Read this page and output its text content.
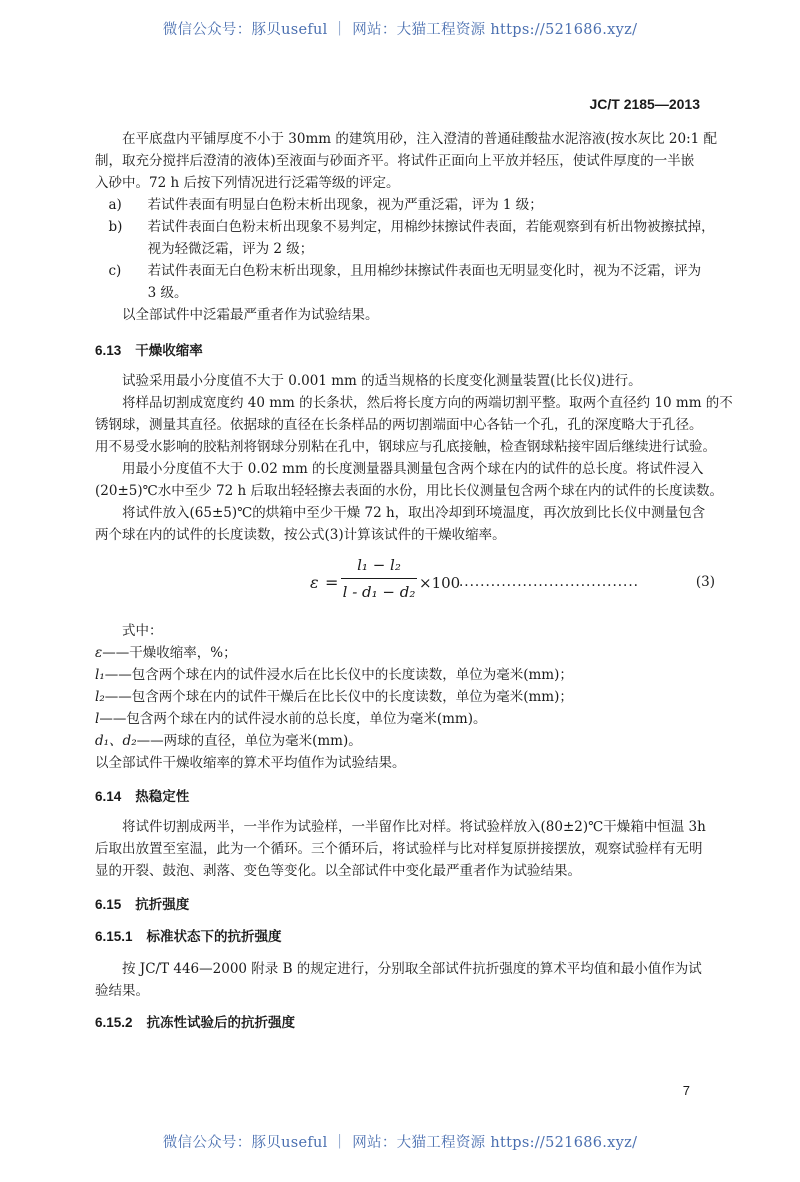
微信公众号：豚贝useful ｜ 网站：大猫工程资源 https://521686.xyz/
JC/T 2185—2013
在平底盘内平铺厚度不小于 30mm 的建筑用砂，注入澄清的普通硅酸盐水泥溶液(按水灰比 20:1 配
制，取充分搅拌后澄清的液体)至液面与砂面齐平。将试件正面向上平放并轻压，使试件厚度的一半嵌
入砂中。72 h 后按下列情况进行泛霜等级的评定。
a) 若试件表面有明显白色粉末析出现象，视为严重泛霜，评为 1 级；
b) 若试件表面白色粉末析出现象不易判定，用棉纱抹擦试件表面，若能观察到有析出物被擦拭掉，
视为轻微泛霜，评为 2 级；
c) 若试件表面无白色粉末析出现象，且用棉纱抹擦试件表面也无明显变化时，视为不泛霜，评为
3 级。
以全部试件中泛霜最严重者作为试验结果。
6.13 干燥收缩率
试验采用最小分度值不大于 0.001 mm 的适当规格的长度变化测量装置(比长仪)进行。
将样品切割成宽度约 40 mm 的长条状，然后将长度方向的两端切割平整。取两个直径约 10 mm 的不
锈钢球，测量其直径。依据球的直径在长条样品的两切割端面中心各钻一个孔，孔的深度略大于孔径。
用不易受水影响的胶粘剂将钢球分别粘在孔中，钢球应与孔底接触，检查钢球粘接牢固后继续进行试验。
用最小分度值不大于 0.02 mm 的长度测量器具测量包含两个球在内的试件的总长度。将试件浸入
(20±5)℃水中至少 72 h 后取出轻轻擦去表面的水份，用比长仪测量包含两个球在内的试件的长度读数。
将试件放入(65±5)℃的烘箱中至少干燥 72 h，取出冷却到环境温度，再次放到比长仪中测量包含
两个球在内的试件的长度读数，按公式(3)计算该试件的干燥收缩率。
ε =
l₁ − l₂
l - d₁ − d₂ ×100
..................................	(3)
式中：
ε——干燥收缩率，%；
l₁——包含两个球在内的试件浸水后在比长仪中的长度读数，单位为毫米(mm)；
l₂——包含两个球在内的试件干燥后在比长仪中的长度读数，单位为毫米(mm)；
l——包含两个球在内的试件浸水前的总长度，单位为毫米(mm)。
d₁、d₂——两球的直径，单位为毫米(mm)。
以全部试件干燥收缩率的算术平均值作为试验结果。
6.14 热稳定性
将试件切割成两半，一半作为试验样，一半留作比对样。将试验样放入(80±2)℃干燥箱中恒温 3h
后取出放置至室温，此为一个循环。三个循环后，将试验样与比对样复原拼接摆放，观察试验样有无明
显的开裂、鼓泡、剥落、变色等变化。以全部试件中变化最严重者作为试验结果。
6.15 抗折强度
6.15.1 标准状态下的抗折强度
按 JC/T 446—2000 附录 B 的规定进行，分别取全部试件抗折强度的算术平均值和最小值作为试
验结果。
6.15.2 抗冻性试验后的抗折强度
7
微信公众号：豚贝useful ｜ 网站：大猫工程资源 https://521686.xyz/
